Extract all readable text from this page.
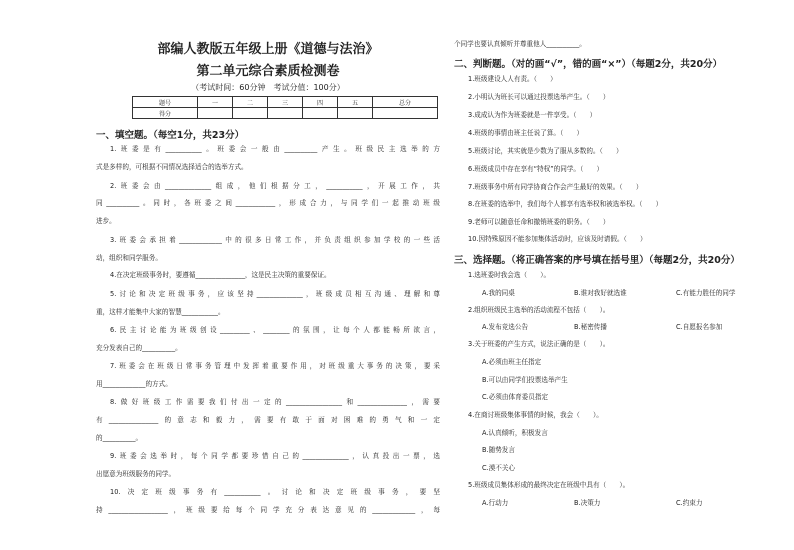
部编人教版五年级上册《道德与法治》
第二单元综合素质检测卷
（考试时间：60分钟　考试分值：100分）
题号	一	二	三	四	五	总分
得分						
一、填空题。（每空1分，共23分）
1.班委是有___________。班委会一般由__________产生。班级民主选举的方
式是多样的，可根据不同情况选择适合的选举方式。
2.班委会由______________组成，他们根据分工，___________，开展工作，共
同__________。同时，各班委之间____________，形成合力，与同学们一起推动班级
进步。
3.班委会承担着_____________中的很多日常工作，并负责组织参加学校的一些活
动，组织和同学服务。
4.在决定班级事务时，要遵循_______________，这是民主决策的重要保证。
5.讨论和决定班级事务，应该坚持______________，班级成员相互沟通、理解和尊
重，这样才能集中大家的智慧___________。
6.民主讨论能为班级创设_________、________的氛围，让每个人都能畅所欲言，
充分发表自己的__________。
7.班委会在班级日常事务管理中发挥着重要作用，对班级重大事务的决策，要采
用_____________的方式。
8.做好班级工作需要我们付出一定的_________________和_______________，需要
有_______________的意志和毅力，需要有敢于面对困难的勇气和一定
的__________。
9.班委会选举时，每个同学都要珍惜自己的______________，认真投出一票，选
出愿意为班级服务的同学。
10.决定班级事务有___________。讨论和决定班级事务，要坚
持__________________，班级要给每个同学充分表达意见的_____________，每
个同学也要认真倾听并尊重他人__________。
二、判断题。（对的画“√”，错的画“×”）（每题2分，共20分）
1.班级建设人人有责。（　　）
2.小明认为班长可以通过投票选举产生。（　　）
3.成成认为作为班委就是一件享受。（　　）
4.班级的事情由班主任说了算。（　　）
5.班级讨论，其实就是少数为了服从多数的。（　　）
6.班级成员中存在享有“特权”的同学。（　　）
7.班级事务中所有同学协商合作会产生最好的效果。（　　）
8.在班委的选举中，我们每个人都享有选举权和被选举权。（　　）
9.老师可以随意任命和撤销班委的职务。（　　）
10.因特殊原因不能参加集体活动时，应该及时请假。（　　）
三、选择题。（将正确答案的序号填在括号里）（每题2分，共20分）
1.选班委时我会选（　　）。
A.我的同桌	B.谁对我好就选谁	C.有能力胜任的同学
2.组织班级民主选举的活动流程不包括（　　）。
A.发布竞选公告	B.秘密传播	C.自愿报名参加
3.关于班委的产生方式，说法正确的是（　　）。
A.必须由班主任指定
B.可以由同学们投票选举产生
C.必须由体育委员指定
4.在商讨班级集体事情的时候，我会（　　）。
A.认真倾听，积极发言
B.随势发言
C.漠不关心
5.班级成员集体形成的最终决定在班级中具有（　　）。
A.行动力	B.决策力	C.约束力
